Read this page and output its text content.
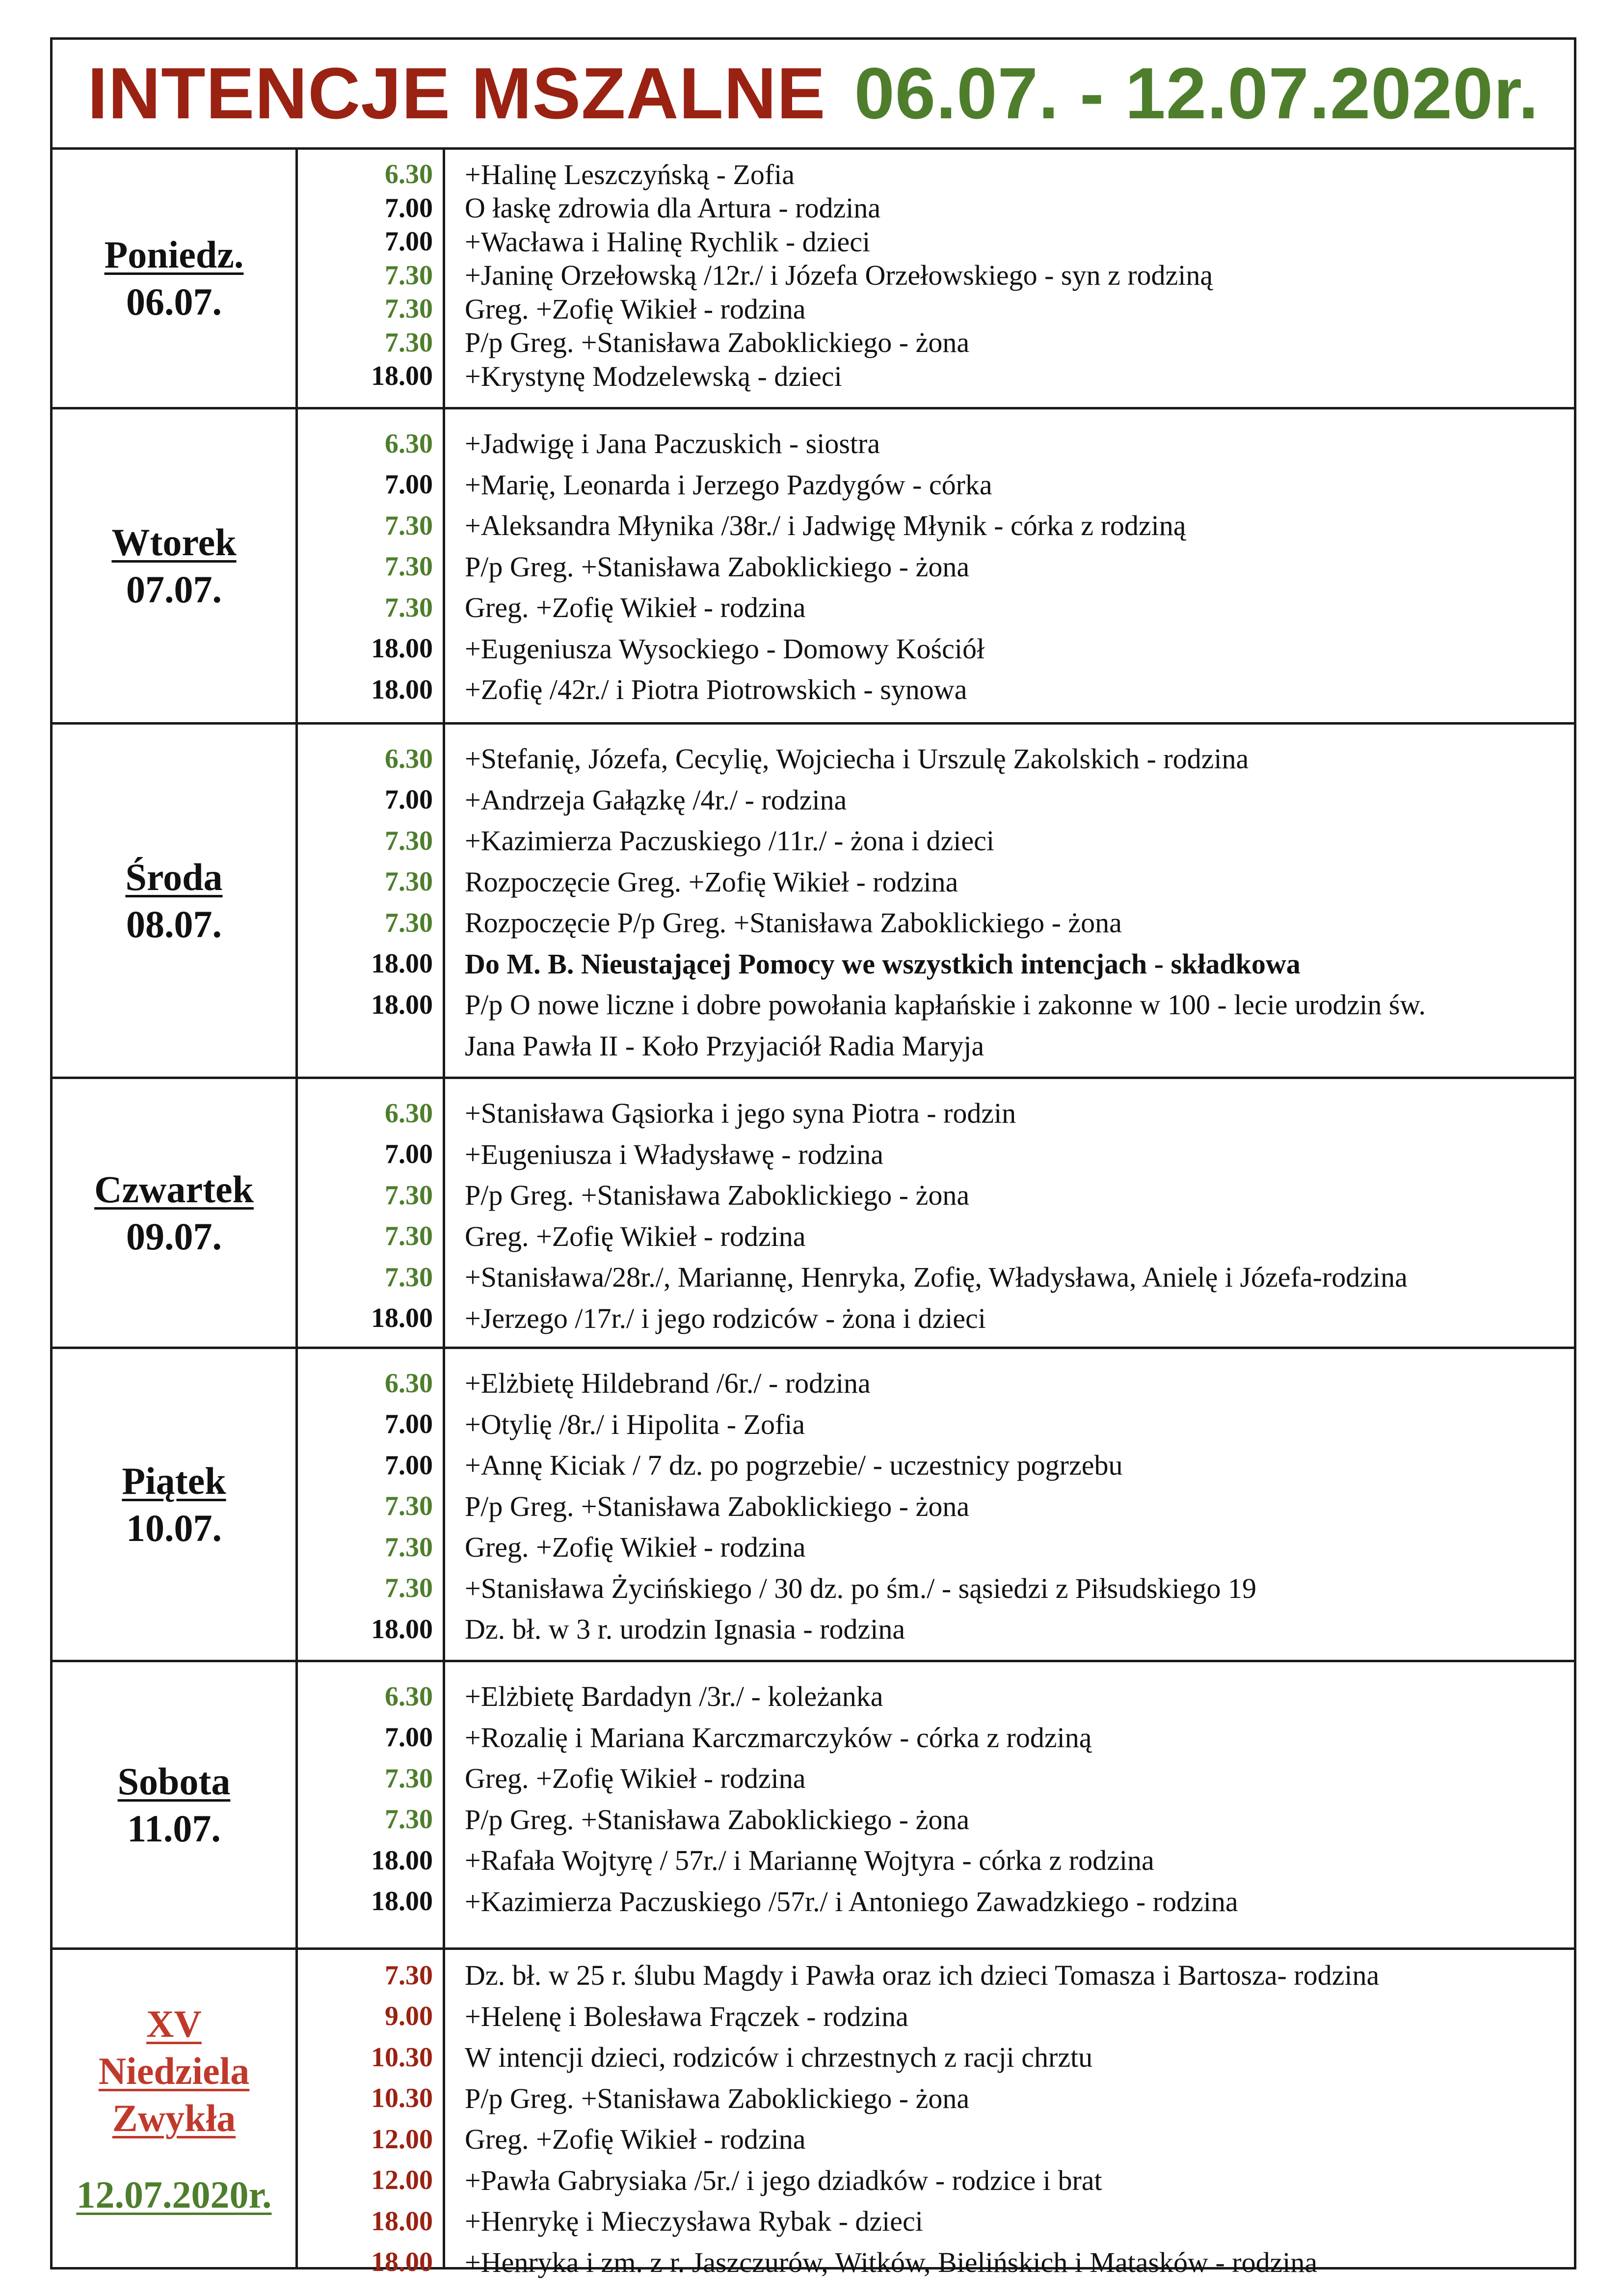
INTENCJE MSZALNE 06.07. - 12.07.2020r.
Poniedz.
06.07.
6.30	+Halinę Leszczyńską - Zofia
7.00	O łaskę zdrowia dla Artura - rodzina
7.00	+Wacława i Halinę Rychlik - dzieci
7.30	+Janinę Orzełowską /12r./ i Józefa Orzełowskiego - syn z rodziną
7.30	Greg. +Zofię Wikieł - rodzina
7.30	P/p Greg. +Stanisława Zaboklickiego - żona
18.00	+Krystynę Modzelewską - dzieci
Wtorek
07.07.
6.30	+Jadwigę i Jana Paczuskich - siostra
7.00	+Marię, Leonarda i Jerzego Pazdygów - córka
7.30	+Aleksandra Młynika /38r./ i Jadwigę Młynik - córka z rodziną
7.30	P/p Greg. +Stanisława Zaboklickiego - żona
7.30	Greg. +Zofię Wikieł - rodzina
18.00	+Eugeniusza Wysockiego - Domowy Kościół
18.00	+Zofię /42r./ i Piotra Piotrowskich - synowa
Środa
08.07.
6.30	+Stefanię, Józefa, Cecylię, Wojciecha i Urszulę Zakolskich - rodzina
7.00	+Andrzeja Gałązkę /4r./ - rodzina
7.30	+Kazimierza Paczuskiego /11r./ - żona i dzieci
7.30	Rozpoczęcie Greg. +Zofię Wikieł - rodzina
7.30	Rozpoczęcie P/p Greg. +Stanisława Zaboklickiego - żona
18.00	Do M. B. Nieustającej Pomocy we wszystkich intencjach - składkowa
18.00	P/p O nowe liczne i dobre powołania kapłańskie i zakonne w 100 - lecie urodzin św.
Jana Pawła II - Koło Przyjaciół Radia Maryja
Czwartek
09.07.
6.30	+Stanisława Gąsiorka i jego syna Piotra - rodzin
7.00	+Eugeniusza i Władysławę - rodzina
7.30	P/p Greg. +Stanisława Zaboklickiego - żona
7.30	Greg. +Zofię Wikieł - rodzina
7.30	+Stanisława/28r./, Mariannę, Henryka, Zofię, Władysława, Anielę i Józefa-rodzina
18.00	+Jerzego /17r./ i jego rodziców - żona i dzieci
Piątek
10.07.
6.30	+Elżbietę Hildebrand /6r./ - rodzina
7.00	+Otylię /8r./ i Hipolita - Zofia
7.00	+Annę Kiciak / 7 dz. po pogrzebie/ - uczestnicy pogrzebu
7.30	P/p Greg. +Stanisława Zaboklickiego - żona
7.30	Greg. +Zofię Wikieł - rodzina
7.30	+Stanisława Życińskiego / 30 dz. po śm./ - sąsiedzi z Piłsudskiego 19
18.00	Dz. bł. w 3 r. urodzin Ignasia - rodzina
Sobota
11.07.
6.30	+Elżbietę Bardadyn /3r./ - koleżanka
7.00	+Rozalię i Mariana Karczmarczyków - córka z rodziną
7.30	Greg. +Zofię Wikieł - rodzina
7.30	P/p Greg. +Stanisława Zaboklickiego - żona
18.00	+Rafała Wojtyrę / 57r./ i Mariannę Wojtyra - córka z rodzina
18.00	+Kazimierza Paczuskiego /57r./ i Antoniego Zawadzkiego - rodzina
XV
Niedziela
Zwykła
12.07.2020r.
7.30	Dz. bł. w 25 r. ślubu Magdy i Pawła oraz ich dzieci Tomasza i Bartosza- rodzina
9.00	+Helenę i Bolesława Frączek - rodzina
10.30	W intencji dzieci, rodziców i chrzestnych z racji chrztu
10.30	P/p Greg. +Stanisława Zaboklickiego - żona
12.00	Greg. +Zofię Wikieł - rodzina
12.00	+Pawła Gabrysiaka /5r./ i jego dziadków - rodzice i brat
18.00	+Henrykę i Mieczysława Rybak - dzieci
18.00	+Henryka i zm. z r. Jaszczurów, Witków, Bielińskich i Matasków - rodzina
